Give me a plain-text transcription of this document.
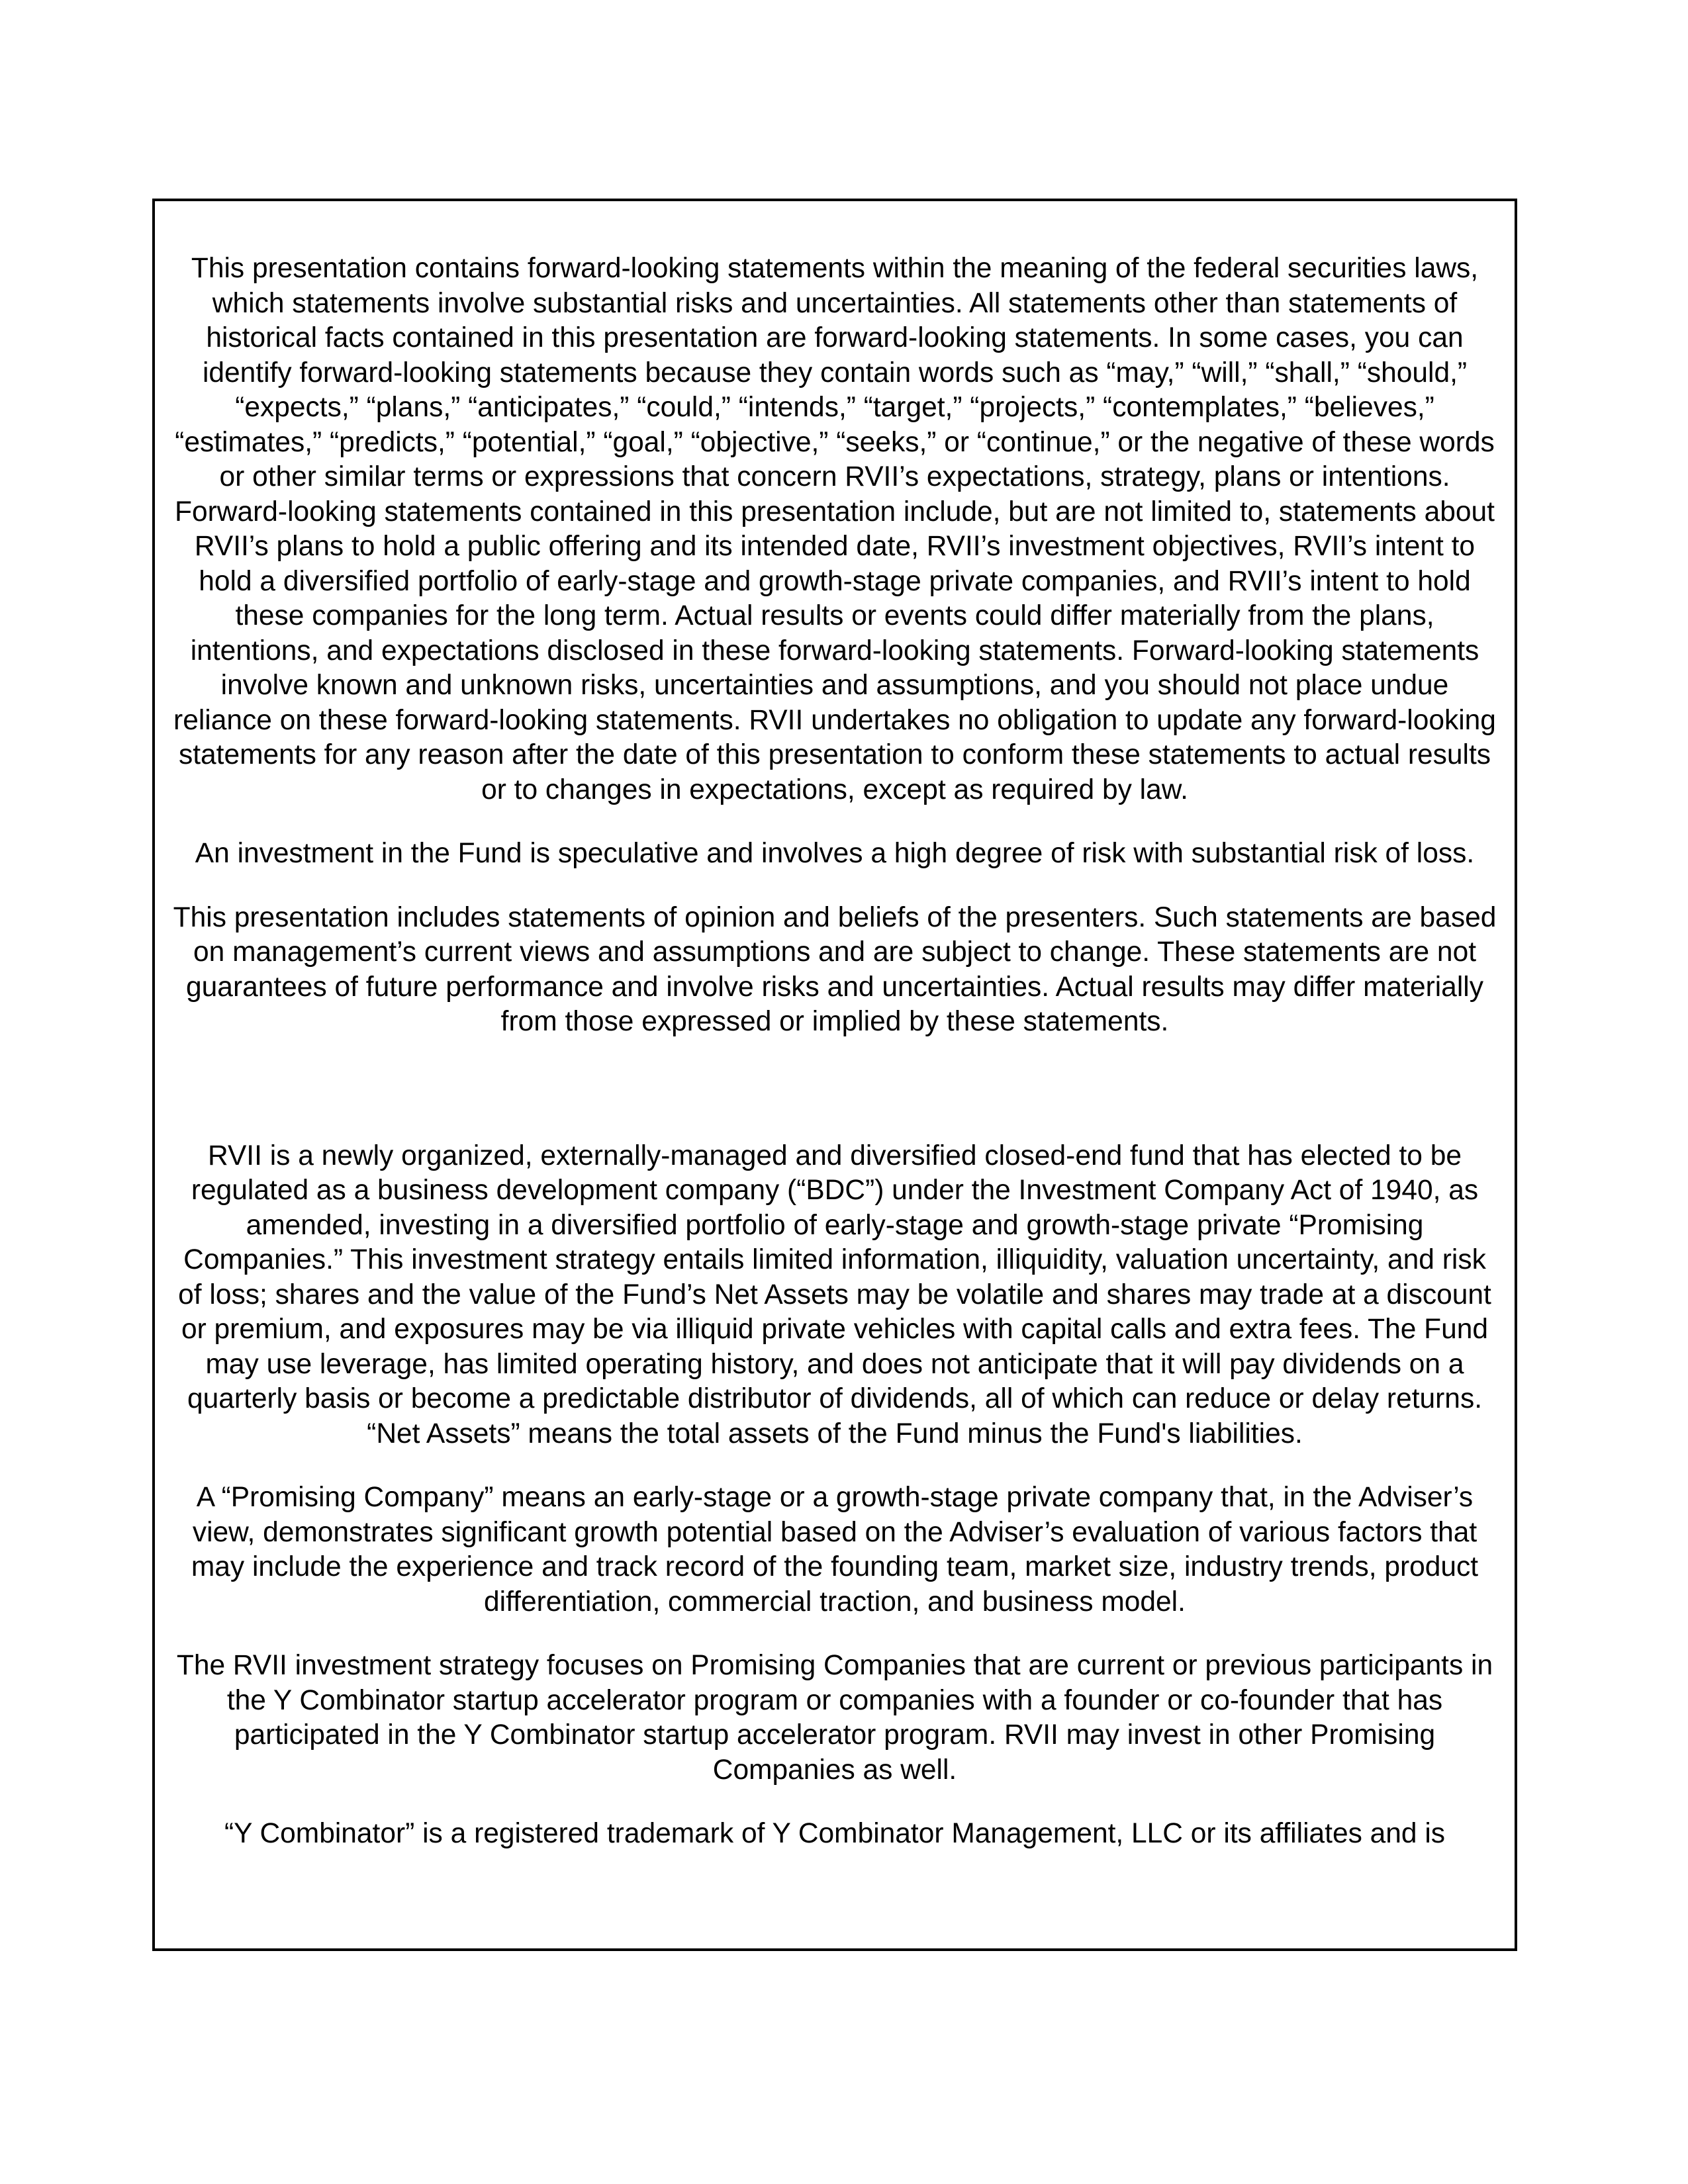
This presentation contains forward-looking statements within the meaning of the federal securities laws, which statements involve substantial risks and uncertainties. All statements other than statements of historical facts contained in this presentation are forward-looking statements. In some cases, you can identify forward-looking statements because they contain words such as “may,” “will,” “shall,” “should,” “expects,” “plans,” “anticipates,” “could,” “intends,” “target,” “projects,” “contemplates,” “believes,” “estimates,” “predicts,” “potential,” “goal,” “objective,” “seeks,” or “continue,” or the negative of these words or other similar terms or expressions that concern RVII’s expectations, strategy, plans or intentions. Forward-looking statements contained in this presentation include, but are not limited to, statements about RVII’s plans to hold a public offering and its intended date, RVII’s investment objectives, RVII’s intent to hold a diversified portfolio of early-stage and growth-stage private companies, and RVII’s intent to hold these companies for the long term. Actual results or events could differ materially from the plans, intentions, and expectations disclosed in these forward-looking statements. Forward-looking statements involve known and unknown risks, uncertainties and assumptions, and you should not place undue reliance on these forward-looking statements. RVII undertakes no obligation to update any forward-looking statements for any reason after the date of this presentation to conform these statements to actual results or to changes in expectations, except as required by law.

An investment in the Fund is speculative and involves a high degree of risk with substantial risk of loss.

This presentation includes statements of opinion and beliefs of the presenters. Such statements are based on management’s current views and assumptions and are subject to change. These statements are not guarantees of future performance and involve risks and uncertainties. Actual results may differ materially from those expressed or implied by these statements.

RVII is a newly organized, externally-managed and diversified closed‐end fund that has elected to be regulated as a business development company (“BDC”) under the Investment Company Act of 1940, as amended, investing in a diversified portfolio of early-stage and growth-stage private “Promising Companies.” This investment strategy entails limited information, illiquidity, valuation uncertainty, and risk of loss; shares and the value of the Fund’s Net Assets may be volatile and shares may trade at a discount or premium, and exposures may be via illiquid private vehicles with capital calls and extra fees. The Fund may use leverage, has limited operating history, and does not anticipate that it will pay dividends on a quarterly basis or become a predictable distributor of dividends, all of which can reduce or delay returns. “Net Assets” means the total assets of the Fund minus the Fund's liabilities.

A “Promising Company” means an early-stage or a growth-stage private company that, in the Adviser’s view, demonstrates significant growth potential based on the Adviser’s evaluation of various factors that may include the experience and track record of the founding team, market size, industry trends, product differentiation, commercial traction, and business model.

The RVII investment strategy focuses on Promising Companies that are current or previous participants in the Y Combinator startup accelerator program or companies with a founder or co-founder that has participated in the Y Combinator startup accelerator program. RVII may invest in other Promising Companies as well.

“Y Combinator” is a registered trademark of Y Combinator Management, LLC or its affiliates and is
